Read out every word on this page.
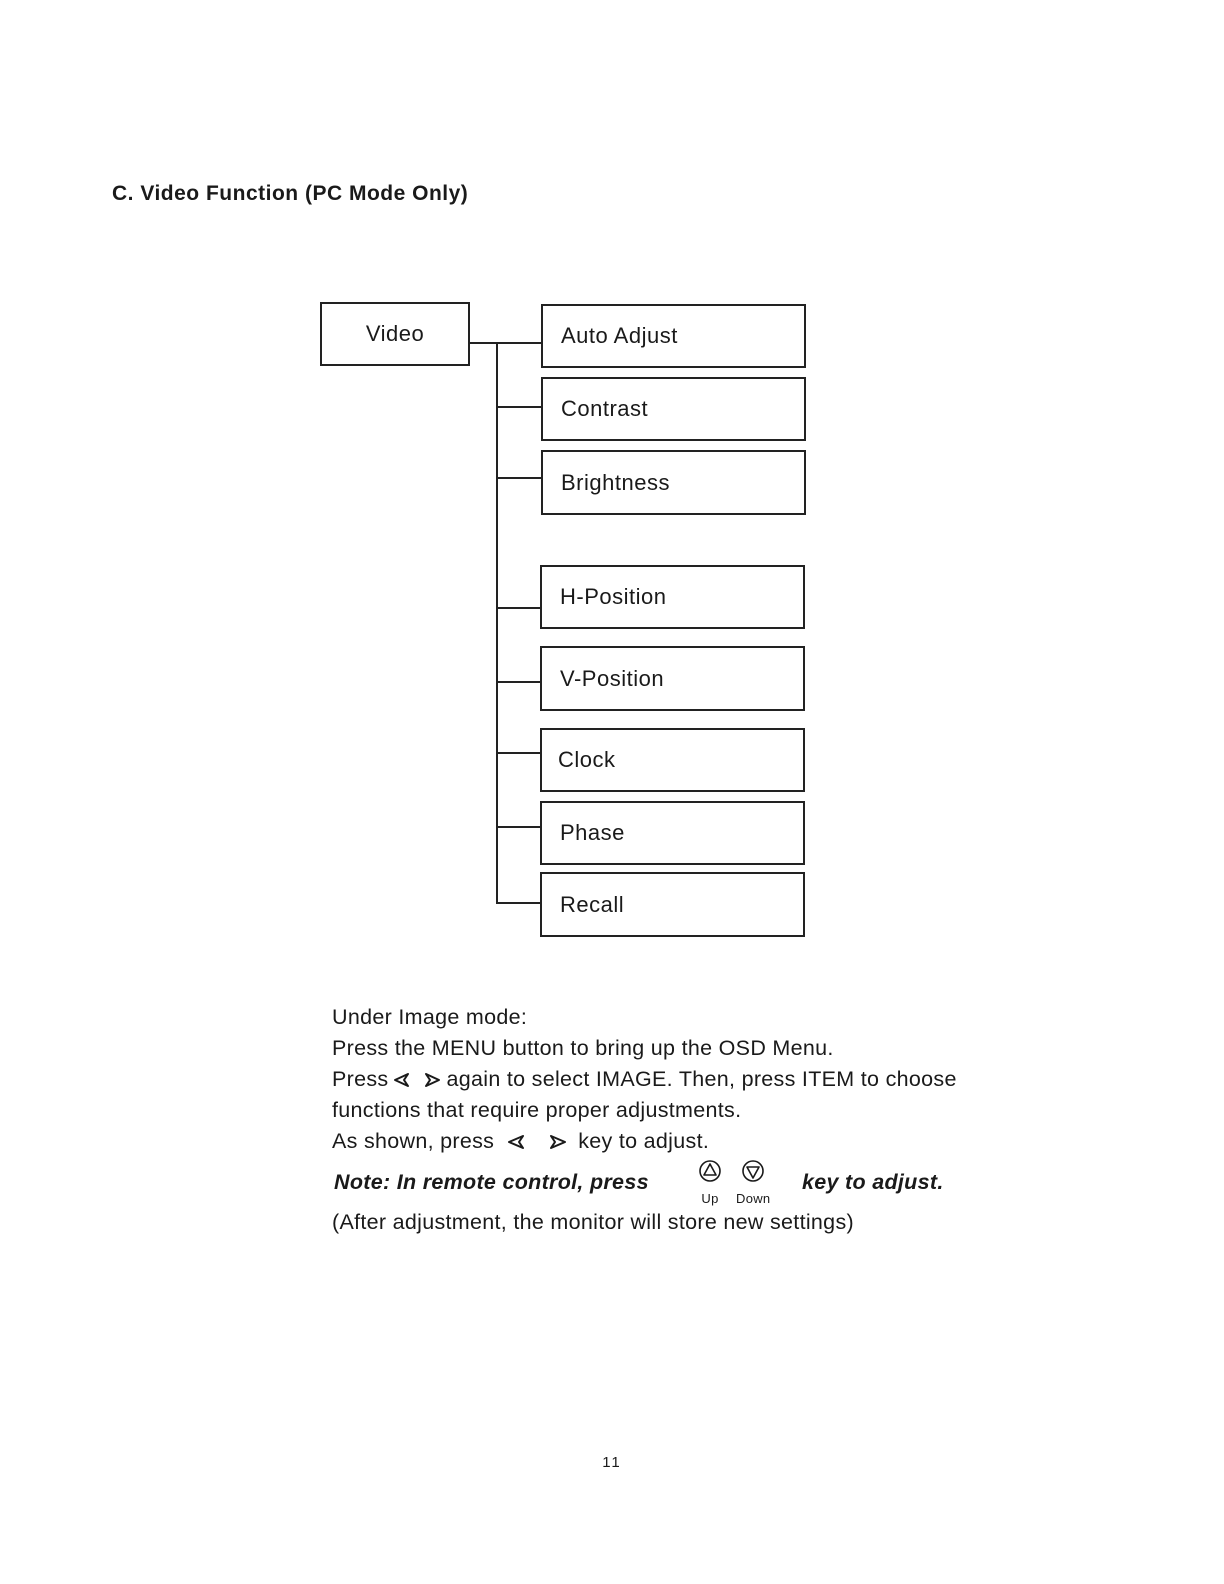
C. Video Function (PC Mode Only)
Video	Auto Adjust
Contrast
Brightness
H-Position
V-Position
Clock
Phase
Recall

Under Image mode:

Press the MENU button to bring up the OSD Menu.

Press	again to select IMAGE. Then, press ITEM to choose

functions that require proper adjustments.

As shown, press	key to adjust.

Note: In remote control, press
Up Down
key to adjust.

(After adjustment, the monitor will store new settings)

11
